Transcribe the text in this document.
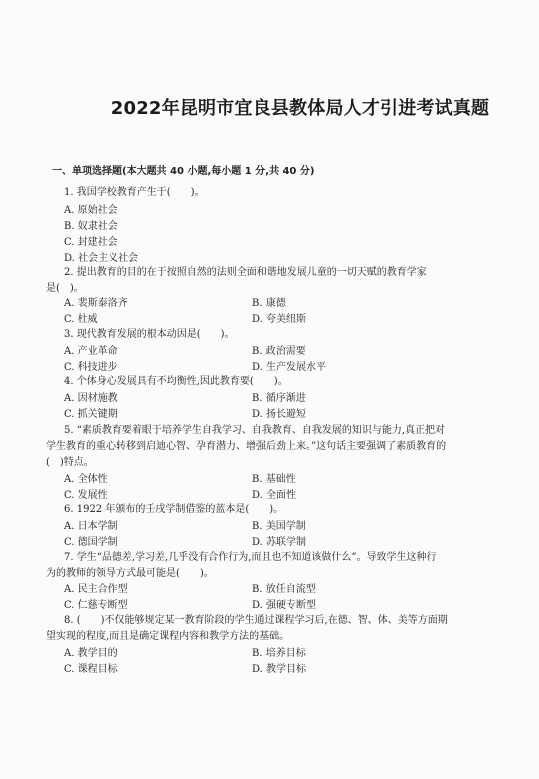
2022年昆明市宜良县教体局人才引进考试真题
一、单项选择题(本大题共 40 小题,每小题 1 分,共 40 分)
1. 我国学校教育产生于(　　)。
A. 原始社会
B. 奴隶社会
C. 封建社会
D. 社会主义社会
2. 提出教育的目的在于按照自然的法则全面和谐地发展儿童的一切天赋的教育学家
是(　)。
A. 裴斯泰洛齐	B. 康德
C. 杜威	D. 夸美纽斯
3. 现代教育发展的根本动因是(　　)。
A. 产业革命	B. 政治需要
C. 科技进步	D. 生产发展水平
4. 个体身心发展具有不均衡性,因此教育要(　　)。
A. 因材施教	B. 循序渐进
C. 抓关键期	D. 扬长避短
5. “素质教育要着眼于培养学生自我学习、自我教育、自我发展的知识与能力,真正把对
学生教育的重心转移到启迪心智、孕育潜力、增强后劲上来。”这句话主要强调了素质教育的
(　)特点。
A. 全体性	B. 基础性
C. 发展性	D. 全面性
6. 1922 年颁布的壬戌学制借鉴的蓝本是(　　)。
A. 日本学制	B. 美国学制
C. 德国学制	D. 苏联学制
7. 学生“品德差,学习差,几乎没有合作行为,而且也不知道该做什么”。导致学生这种行
为的教师的领导方式最可能是(　　)。
A. 民主合作型	B. 放任自流型
C. 仁慈专断型	D. 强硬专断型
8. (　　)不仅能够规定某一教育阶段的学生通过课程学习后,在德、智、体、美等方面期
望实现的程度,而且是确定课程内容和教学方法的基础。
A. 教学目的	B. 培养目标
C. 课程目标	D. 教学目标
